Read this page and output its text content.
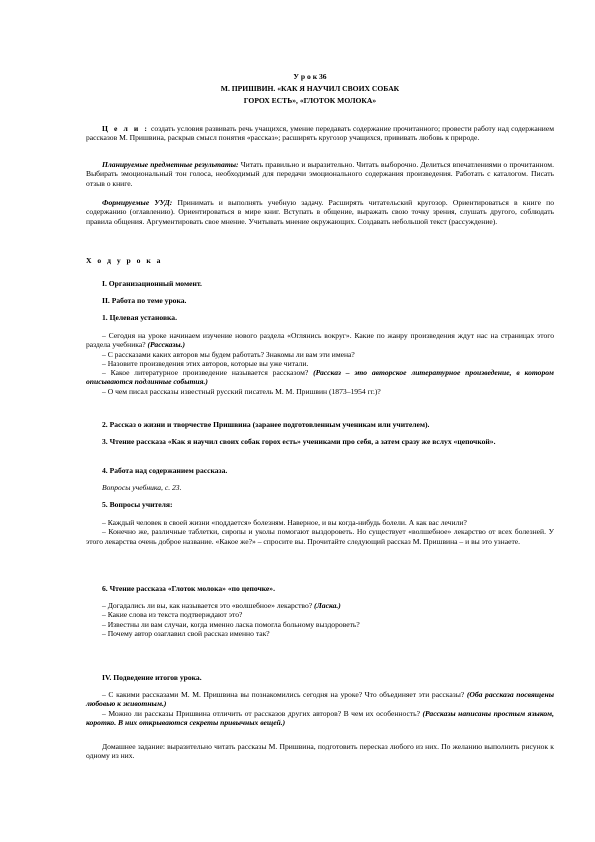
У р о к 36
М. ПРИШВИН. «КАК Я НАУЧИЛ СВОИХ СОБАК
ГОРОХ ЕСТЬ», «ГЛОТОК МОЛОКА»

Ц е л и : создать условия развивать речь учащихся, умение передавать содержание прочитанного; провести работу над содержанием рассказов М. Пришвина, раскрыв смысл понятия «рассказ»; расширять кругозор учащихся, прививать любовь к природе.

Планируемые предметные результаты: Читать правильно и выразительно. Читать выборочно. Делиться впечатлениями о прочитанном. Выбирать эмоциональный тон голоса, необходимый для передачи эмоционального содержания произведения. Работать с каталогом. Писать отзыв о книге.

Формируемые УУД: Принимать и выполнять учебную задачу. Расширять читательский кругозор. Ориентироваться в книге по содержанию (оглавлению). Ориентироваться в мире книг. Вступать в общение, выражать свою точку зрения, слушать другого, соблюдать правила общения. Аргументировать свое мнение. Учитывать мнение окружающих. Создавать небольшой текст (рассуждение).

Х о д у р о к а

I. Организационный момент.

II. Работа по теме урока.

1. Целевая установка.

– Сегодня на уроке начинаем изучение нового раздела «Оглянись вокруг». Какие по жанру произведения ждут нас на страницах этого раздела учебника? (Рассказы.)

– С рассказами каких авторов мы будем работать? Знакомы ли вам эти имена?

– Назовите произведения этих авторов, которые вы уже читали.

– Какое литературное произведение называется рассказом? (Рассказ – это авторское литературное произведение, в котором описываются подлинные события.)

– О чем писал рассказы известный русский писатель М. М. Пришвин (1873–1954 гг.)?

2. Рассказ о жизни и творчестве Пришвина (заранее подготовленным ученикам или учителем).

3. Чтение рассказа «Как я научил своих собак горох есть» учениками про себя, а затем сразу же вслух «цепочкой».

4. Работа над содержанием рассказа.

Вопросы учебника, с. 23.

5. Вопросы учителя:

– Каждый человек в своей жизни «поддается» болезням. Наверное, и вы когда-нибудь болели. А как вас лечили?

– Конечно же, различные таблетки, сиропы и уколы помогают выздороветь. Но существует «волшебное» лекарство от всех болезней. У этого лекарства очень доброе название. «Какое же?» – спросите вы. Прочитайте следующий рассказ М. Пришвина – и вы это узнаете.

6. Чтение рассказа «Глоток молока» «по цепочке».

– Догадались ли вы, как называется это «волшебное» лекарство? (Ласка.)

– Какие слова из текста подтверждают это?

– Известны ли вам случаи, когда именно ласка помогла больному выздороветь?

– Почему автор озаглавил свой рассказ именно так?

IV. Подведение итогов урока.

– С какими рассказами М. М. Пришвина вы познакомились сегодня на уроке? Что объединяет эти рассказы? (Оба рассказа посвящены любовью к животным.)

– Можно ли рассказы Пришвина отличить от рассказов других авторов? В чем их особенность? (Рассказы написаны простым языком, коротко. В них открываются секреты привычных вещей.)

Домашнее задание: выразительно читать рассказы М. Пришвина, подготовить пересказ любого из них. По желанию выполнить рисунок к одному из них.
